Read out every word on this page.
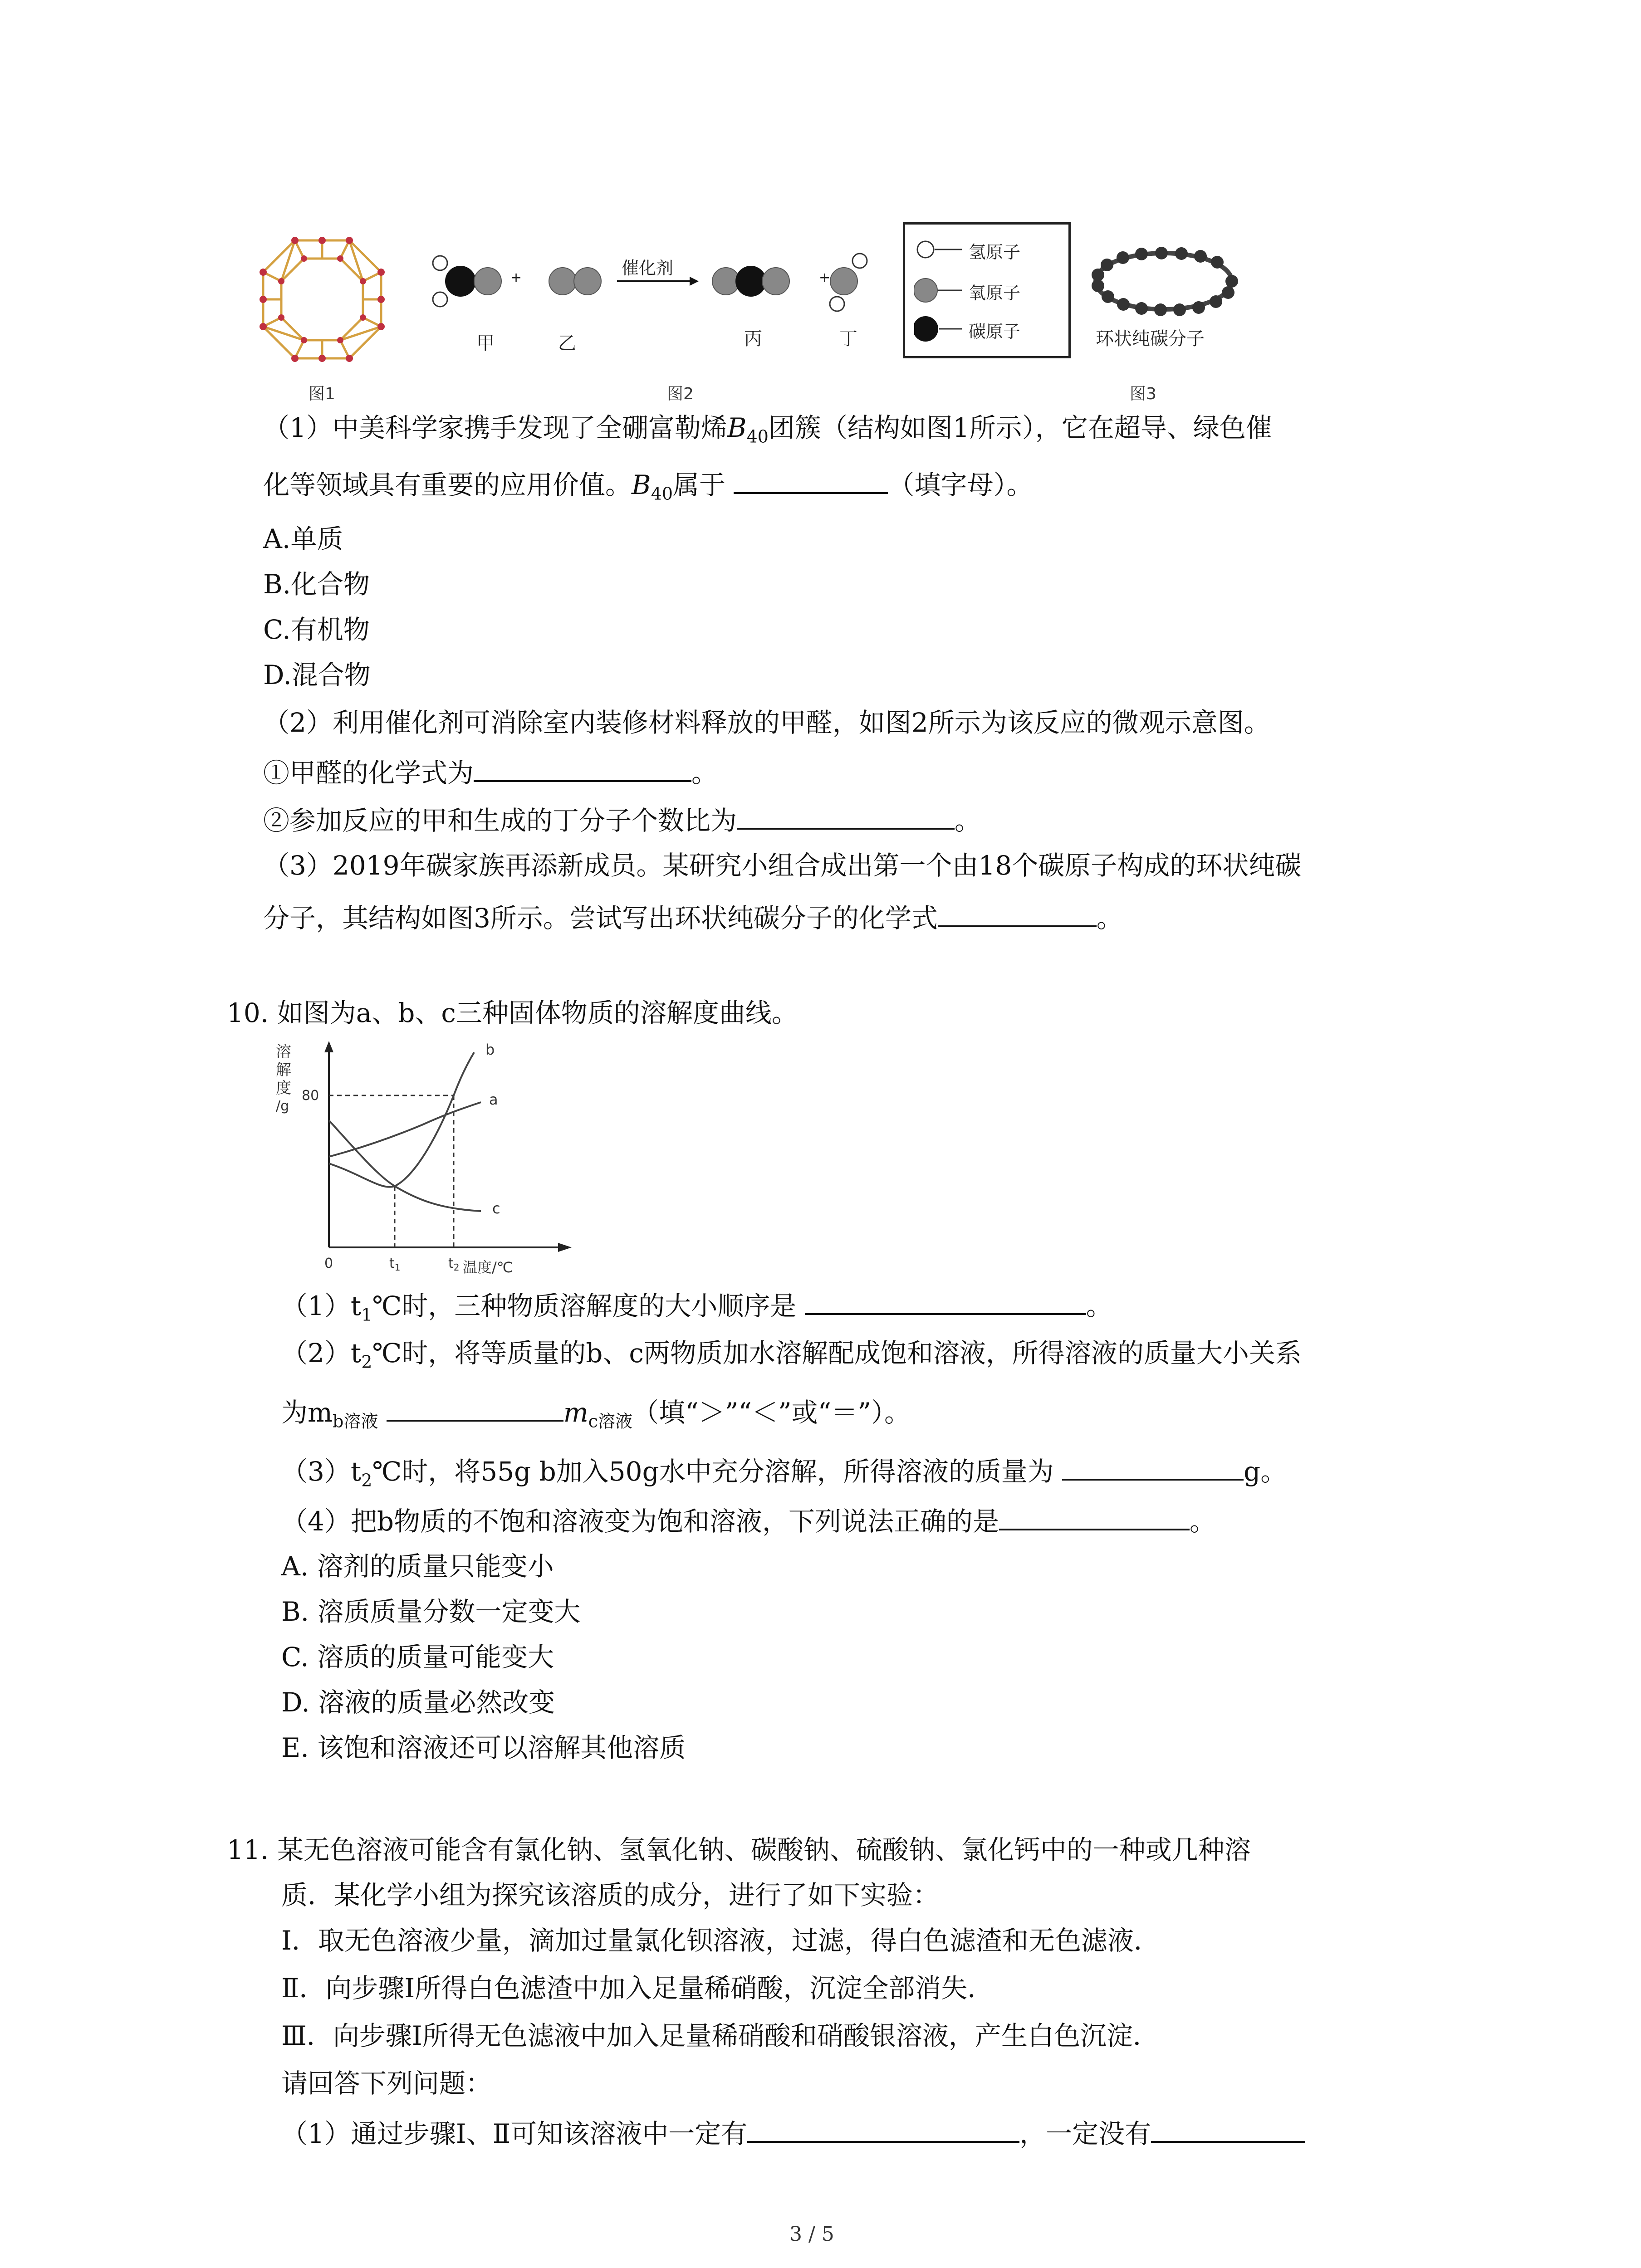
图1
+	+
催化剂
甲	乙	丙	丁
图2
氢原子
氧原子
碳原子	环状纯碳分子
图3
（1）中美科学家携手发现了全硼富勒烯$B_{40}$团簇（结构如图1所示），它在超导、绿色催
化等领域具有重要的应用价值。$B_{40}$属于	（填字母）。
A.单质
B.化合物
C.有机物
D.混合物
（2）利用催化剂可消除室内装修材料释放的甲醛，如图2所示为该反应的微观示意图。
①甲醛的化学式为	。
②参加反应的甲和生成的丁分子个数比为	。
（3）2019年碳家族再添新成员。某研究小组合成出第一个由18个碳原子构成的环状纯碳
分子，其结构如图3所示。尝试写出环状纯碳分子的化学式	。
10. 如图为a、b、c三种固体物质的溶解度曲线。
溶
解
度
/g
b
a
c
80
0	$t_1$	$t_2$ 温度/℃
$(1)t_1℃$时，三种物质溶解度的大小顺序是	。
$(2)t_2℃$时，将等质量的b、c两物质加水溶解配成饱和溶液，所得溶液的质量大小关系
为$m_{b溶液}$	$m_{c溶液}$（填“＞”“＜”或“＝”）。
$(3)t_2℃$时，将55g b加入50g水中充分溶解，所得溶液的质量为	g。
（4）把b物质的不饱和溶液变为饱和溶液，下列说法正确的是	。
A. 溶剂的质量只能变小
B. 溶质质量分数一定变大
C. 溶质的质量可能变大
D. 溶液的质量必然改变
E. 该饱和溶液还可以溶解其他溶质
11. 某无色溶液可能含有氯化钠、氢氧化钠、碳酸钠、硫酸钠、氯化钙中的一种或几种溶
质．某化学小组为探究该溶质的成分，进行了如下实验：
Ⅰ．取无色溶液少量，滴加过量氯化钡溶液，过滤，得白色滤渣和无色滤液．
Ⅱ．向步骤Ⅰ所得白色滤渣中加入足量稀硝酸，沉淀全部消失．
Ⅲ．向步骤Ⅰ所得无色滤液中加入足量稀硝酸和硝酸银溶液，产生白色沉淀．
请回答下列问题：
（1）通过步骤Ⅰ、Ⅱ可知该溶液中一定有	，一定没有
3 / 5
